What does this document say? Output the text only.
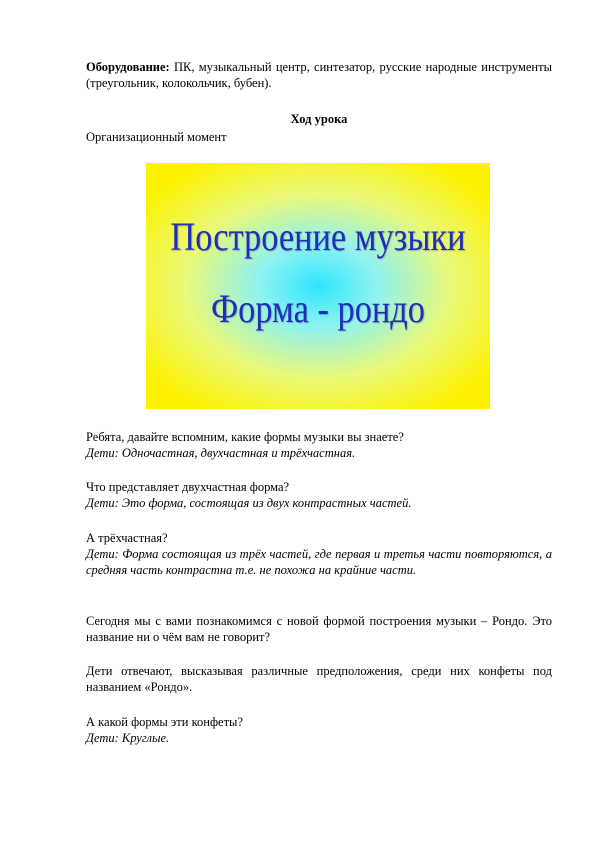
Оборудование: ПК, музыкальный центр, синтезатор, русские народные инструменты (треугольник, колокольчик, бубен).
Ход урока
Организационный момент
Построение музыки
Форма - рондо
Ребята, давайте вспомним, какие формы музыки вы знаете?
Дети: Одночастная, двухчастная и трёхчастная.
Что представляет двухчастная форма?
Дети: Это форма, состоящая из двух контрастных частей.
А трёхчастная?
Дети: Форма состоящая из трёх частей, где первая и третья части повторяются, а средняя часть контрастна т.е. не похожа на крайние части.
Сегодня мы с вами познакомимся с новой формой построения музыки – Рондо. Это название ни о чём вам не говорит?
Дети отвечают, высказывая различные предположения, среди них конфеты под названием «Рондо».
А какой формы эти конфеты?
Дети: Круглые.
